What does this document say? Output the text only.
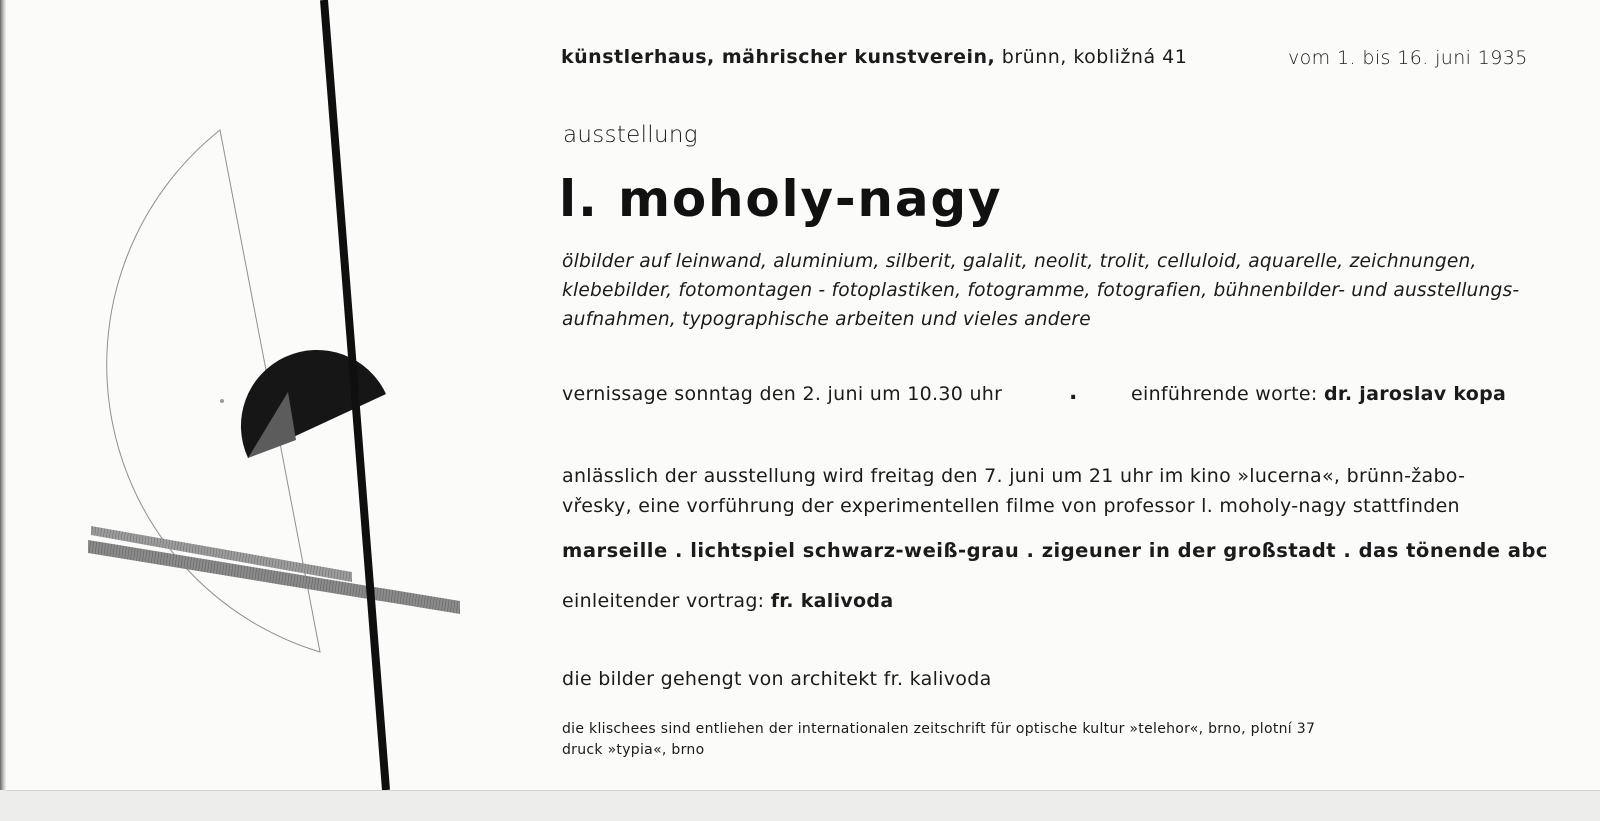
künstlerhaus, mährischer kunstverein, brünn, kobližná 41	vom 1. bis 16. juni 1935
ausstellung
l. moholy-nagy
ölbilder auf leinwand, aluminium, silberit, galalit, neolit, trolit, celluloid, aquarelle, zeichnungen,
klebebilder, fotomontagen - fotoplastiken, fotogramme, fotografien, bühnenbilder- und ausstellungs-
aufnahmen, typographische arbeiten und vieles andere
vernissage sonntag den 2. juni um 10.30 uhr	.	einführende worte: dr. jaroslav kopa
anlässlich der ausstellung wird freitag den 7. juni um 21 uhr im kino »lucerna«, brünn-žabo-
vřesky, eine vorführung der experimentellen filme von professor l. moholy-nagy stattfinden
marseille . lichtspiel schwarz-weiß-grau . zigeuner in der großstadt . das tönende abc
einleitender vortrag: fr. kalivoda
die bilder gehengt von architekt fr. kalivoda
die klischees sind entliehen der internationalen zeitschrift für optische kultur »telehor«, brno, plotní 37
druck »typia«, brno
